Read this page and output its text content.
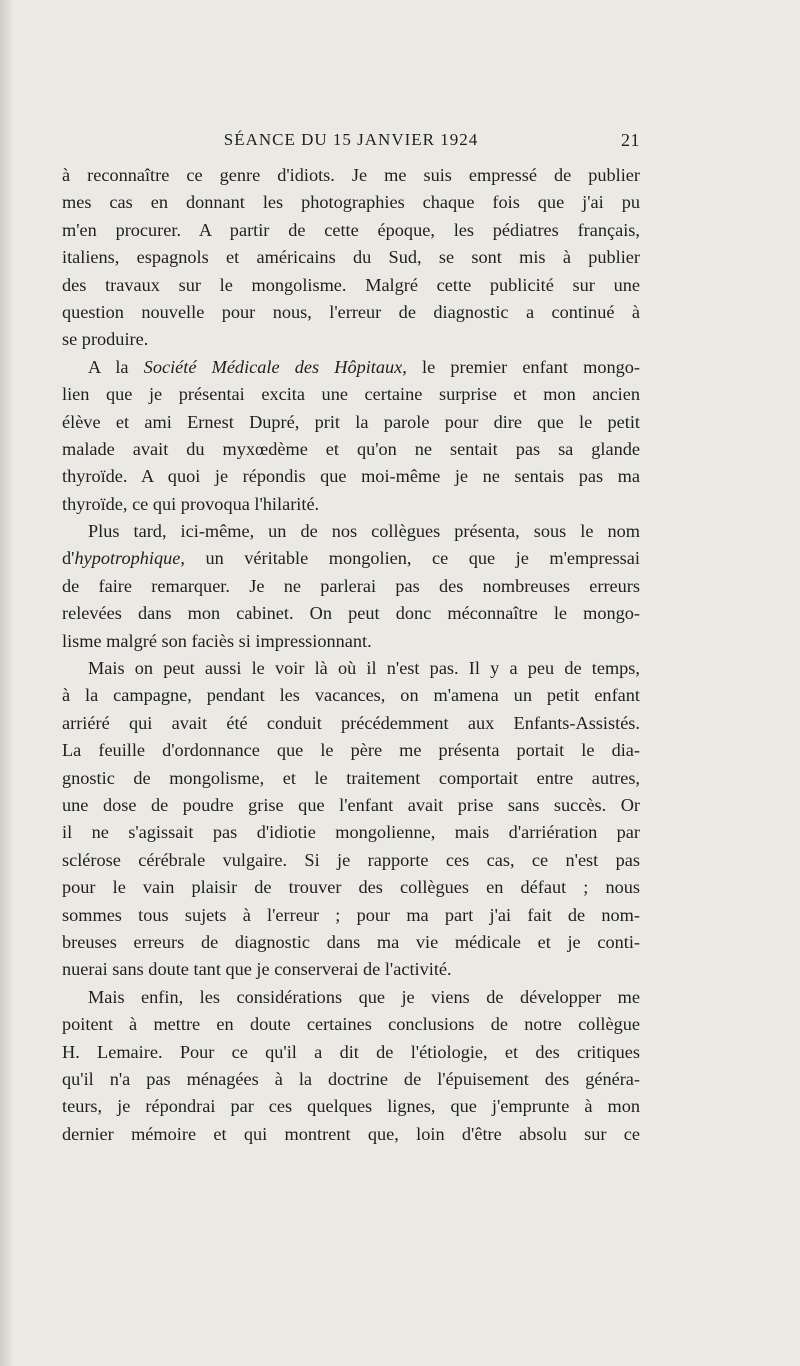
SÉANCE DU 15 JANVIER 1924	21
à reconnaître ce genre d'idiots. Je me suis empressé de publier
mes cas en donnant les photographies chaque fois que j'ai pu
m'en procurer. A partir de cette époque, les pédiatres français,
italiens, espagnols et américains du Sud, se sont mis à publier
des travaux sur le mongolisme. Malgré cette publicité sur une
question nouvelle pour nous, l'erreur de diagnostic a continué à
se produire.
A la Société Médicale des Hôpitaux, le premier enfant mongo-
lien que je présentai excita une certaine surprise et mon ancien
élève et ami Ernest Dupré, prit la parole pour dire que le petit
malade avait du myxœdème et qu'on ne sentait pas sa glande
thyroïde. A quoi je répondis que moi-même je ne sentais pas ma
thyroïde, ce qui provoqua l'hilarité.
Plus tard, ici-même, un de nos collègues présenta, sous le nom
d'hypotrophique, un véritable mongolien, ce que je m'empressai
de faire remarquer. Je ne parlerai pas des nombreuses erreurs
relevées dans mon cabinet. On peut donc méconnaître le mongo-
lisme malgré son faciès si impressionnant.
Mais on peut aussi le voir là où il n'est pas. Il y a peu de temps,
à la campagne, pendant les vacances, on m'amena un petit enfant
arriéré qui avait été conduit précédemment aux Enfants-Assistés.
La feuille d'ordonnance que le père me présenta portait le dia-
gnostic de mongolisme, et le traitement comportait entre autres,
une dose de poudre grise que l'enfant avait prise sans succès. Or
il ne s'agissait pas d'idiotie mongolienne, mais d'arriération par
sclérose cérébrale vulgaire. Si je rapporte ces cas, ce n'est pas
pour le vain plaisir de trouver des collègues en défaut ; nous
sommes tous sujets à l'erreur ; pour ma part j'ai fait de nom-
breuses erreurs de diagnostic dans ma vie médicale et je conti-
nuerai sans doute tant que je conserverai de l'activité.
Mais enfin, les considérations que je viens de développer me
poitent à mettre en doute certaines conclusions de notre collègue
H. Lemaire. Pour ce qu'il a dit de l'étiologie, et des critiques
qu'il n'a pas ménagées à la doctrine de l'épuisement des généra-
teurs, je répondrai par ces quelques lignes, que j'emprunte à mon
dernier mémoire et qui montrent que, loin d'être absolu sur ce
